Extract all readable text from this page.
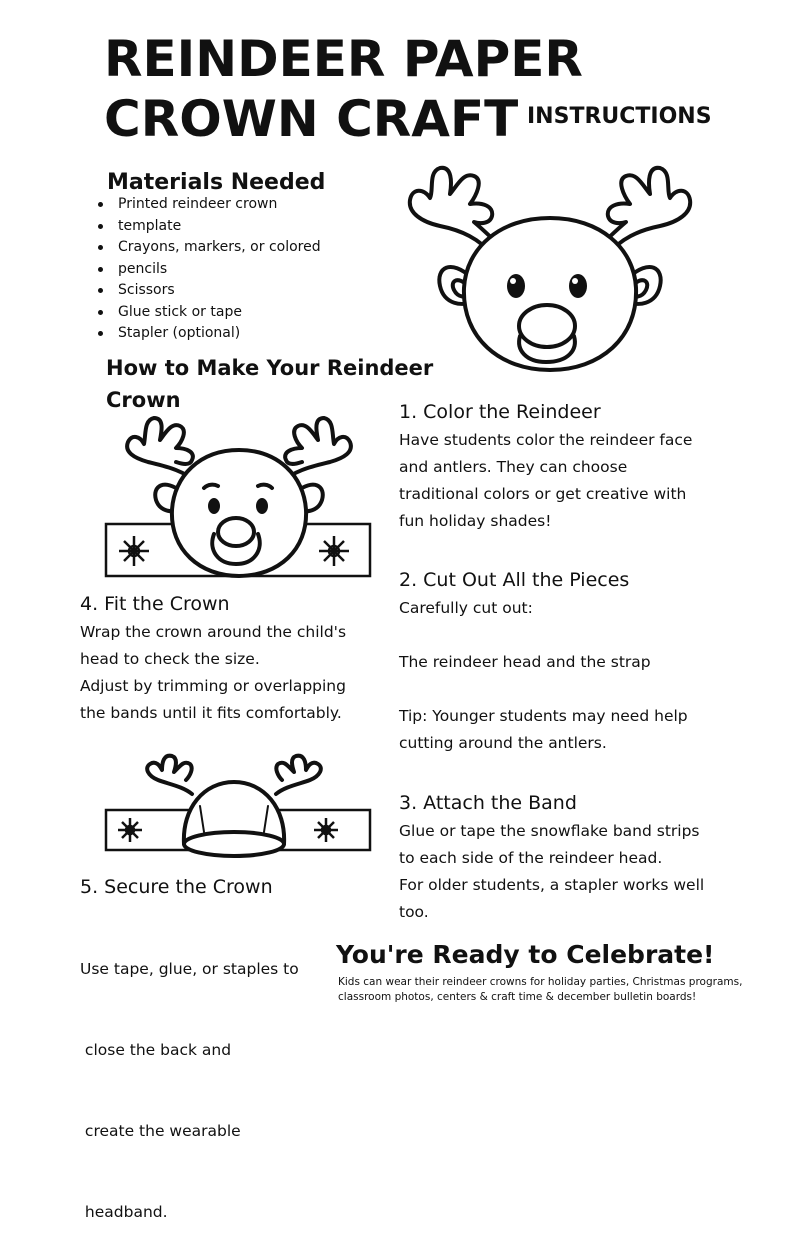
REINDEER PAPER
CROWN CRAFT INSTRUCTIONS
Materials Needed
Printed reindeer crown
template
Crayons, markers, or colored
pencils
Scissors
Glue stick or tape
Stapler (optional)
How to Make Your Reindeer
Crown	1. Color the Reindeer

Have students color the reindeer face

and antlers. They can choose

traditional colors or get creative with

fun holiday shades!

2. Cut Out All the Pieces

Carefully cut out:

The reindeer head and the strap

Tip: Younger students may need help

cutting around the antlers.

4. Fit the Crown

Wrap the crown around the child's

head to check the size.

Adjust by trimming or overlapping

the bands until it fits comfortably.

3. Attach the Band

Glue or tape the snowflake band strips

to each side of the reindeer head.

For older students, a stapler works well

too.

5. Secure the Crown

Use tape, glue, or staples to

close the back and

create the wearable

headband.

You're Ready to Celebrate!
Kids can wear their reindeer crowns for holiday parties, Christmas programs,
classroom photos, centers & craft time & december bulletin boards!
